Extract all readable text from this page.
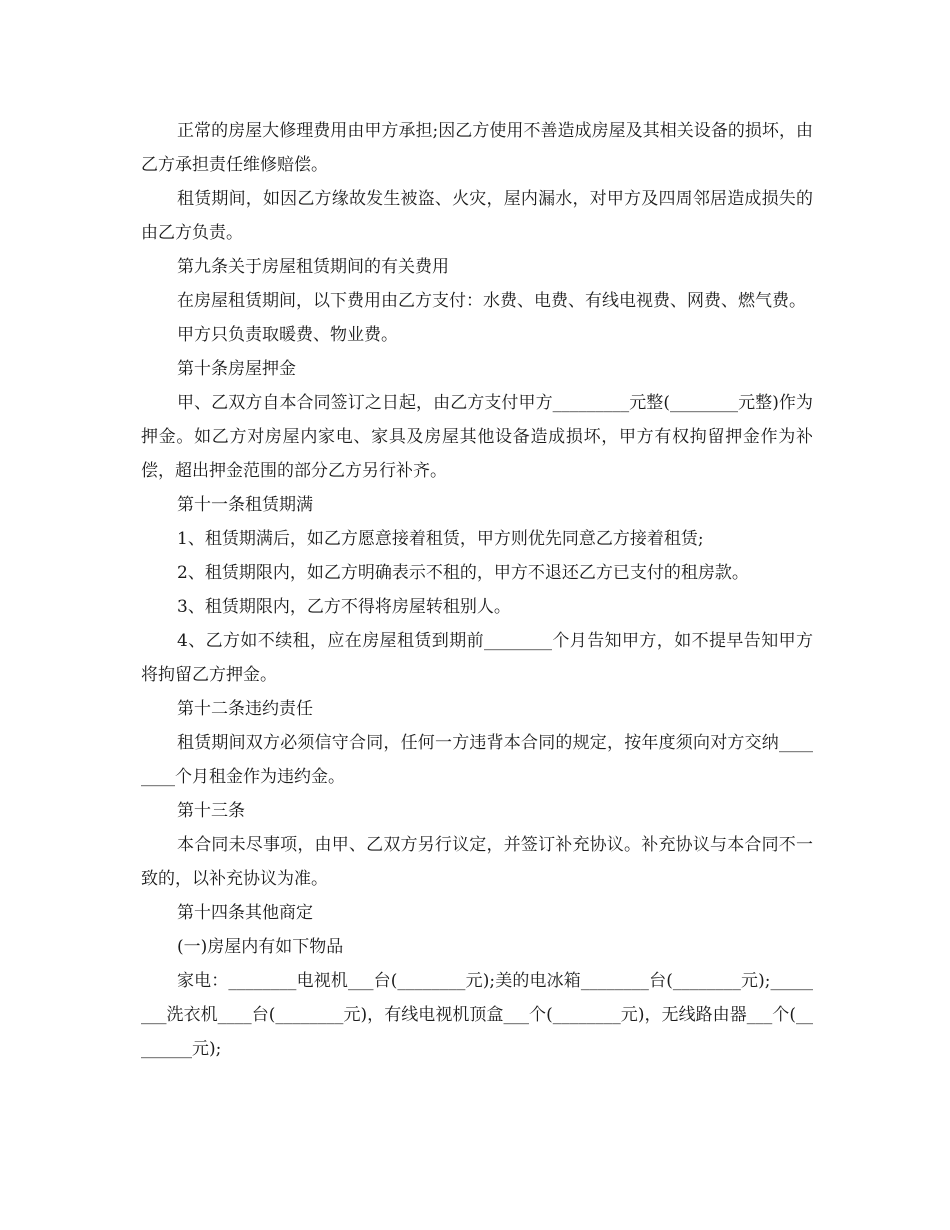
正常的房屋大修理费用由甲方承担;因乙方使用不善造成房屋及其相关设备的损坏，由乙方承担责任维修赔偿。

租赁期间，如因乙方缘故发生被盗、火灾，屋内漏水，对甲方及四周邻居造成损失的由乙方负责。

第九条关于房屋租赁期间的有关费用

在房屋租赁期间，以下费用由乙方支付：水费、电费、有线电视费、网费、燃气费。

甲方只负责取暖费、物业费。

第十条房屋押金

甲、乙双方自本合同签订之日起，由乙方支付甲方_________元整(________元整)作为押金。如乙方对房屋内家电、家具及房屋其他设备造成损坏，甲方有权拘留押金作为补偿，超出押金范围的部分乙方另行补齐。

第十一条租赁期满

1、租赁期满后，如乙方愿意接着租赁，甲方则优先同意乙方接着租赁;

2、租赁期限内，如乙方明确表示不租的，甲方不退还乙方已支付的租房款。

3、租赁期限内，乙方不得将房屋转租别人。

4、乙方如不续租，应在房屋租赁到期前________个月告知甲方，如不提早告知甲方将拘留乙方押金。

第十二条违约责任

租赁期间双方必须信守合同，任何一方违背本合同的规定，按年度须向对方交纳________个月租金作为违约金。

第十三条

本合同未尽事项，由甲、乙双方另行议定，并签订补充协议。补充协议与本合同不一致的，以补充协议为准。

第十四条其他商定

(一)房屋内有如下物品

家电：________电视机___台(________元);美的电冰箱________台(________元);________洗衣机____台(________元)，有线电视机顶盒___个(________元)，无线路由器___个(________元);
